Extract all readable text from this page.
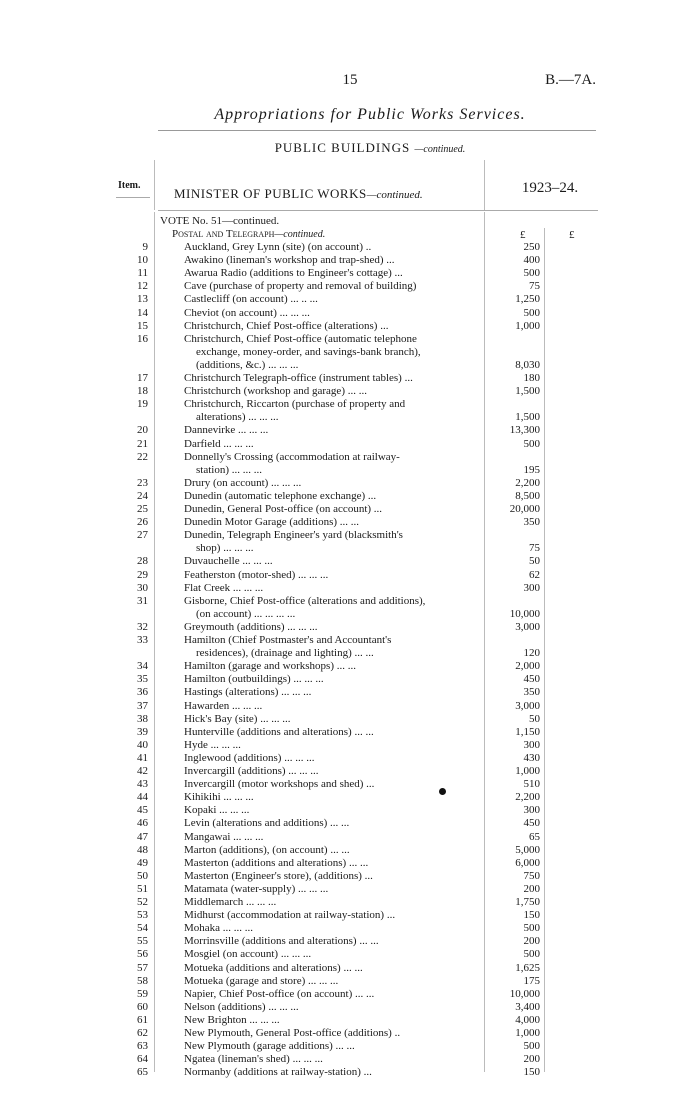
15	B.—7A.
Appropriations for Public Works Services.
PUBLIC BUILDINGS —continued.
Item.
MINISTER OF PUBLIC WORKS—continued.	1923–24.
VOTE No. 51—continued.
Postal and Telegraph—continued.	£	£
9	Auckland, Grey Lynn (site) (on account) ..	250
10	Awakino (lineman's workshop and trap-shed) ...	400
11	Awarua Radio (additions to Engineer's cottage) ...	500
12	Cave (purchase of property and removal of building)	75
13	Castlecliff (on account) ... .. ...	1,250
14	Cheviot (on account) ... ... ...	500
15	Christchurch, Chief Post-office (alterations) ...	1,000
16	Christchurch, Chief Post-office (automatic telephone
exchange, money-order, and savings-bank branch),
(additions, &c.) ... ... ...	8,030
17	Christchurch Telegraph-office (instrument tables) ...	180
18	Christchurch (workshop and garage) ... ...	1,500
19	Christchurch, Riccarton (purchase of property and
alterations) ... ... ...	1,500
20	Dannevirke ... ... ...	13,300
21	Darfield ... ... ...	500
22	Donnelly's Crossing (accommodation at railway-
station) ... ... ...	195
23	Drury (on account) ... ... ...	2,200
24	Dunedin (automatic telephone exchange) ...	8,500
25	Dunedin, General Post-office (on account) ...	20,000
26	Dunedin Motor Garage (additions) ... ...	350
27	Dunedin, Telegraph Engineer's yard (blacksmith's
shop) ... ... ...	75
28	Duvauchelle ... ... ...	50
29	Featherston (motor-shed) ... ... ...	62
30	Flat Creek ... ... ...	300
31	Gisborne, Chief Post-office (alterations and additions),
(on account) ... ... ... ...	10,000
32	Greymouth (additions) ... ... ...	3,000
33	Hamilton (Chief Postmaster's and Accountant's
residences), (drainage and lighting) ... ...	120
34	Hamilton (garage and workshops) ... ...	2,000
35	Hamilton (outbuildings) ... ... ...	450
36	Hastings (alterations) ... ... ...	350
37	Hawarden ... ... ...	3,000
38	Hick's Bay (site) ... ... ...	50
39	Hunterville (additions and alterations) ... ...	1,150
40	Hyde ... ... ...	300
41	Inglewood (additions) ... ... ...	430
42	Invercargill (additions) ... ... ...	1,000
43	Invercargill (motor workshops and shed) ...	510
44	Kihikihi ... ... ...	2,200
45	Kopaki ... ... ...	300
46	Levin (alterations and additions) ... ...	450
47	Mangawai ... ... ...	65
48	Marton (additions), (on account) ... ...	5,000
49	Masterton (additions and alterations) ... ...	6,000
50	Masterton (Engineer's store), (additions) ...	750
51	Matamata (water-supply) ... ... ...	200
52	Middlemarch ... ... ...	1,750
53	Midhurst (accommodation at railway-station) ...	150
54	Mohaka ... ... ...	500
55	Morrinsville (additions and alterations) ... ...	200
56	Mosgiel (on account) ... ... ...	500
57	Motueka (additions and alterations) ... ...	1,625
58	Motueka (garage and store) ... ... ...	175
59	Napier, Chief Post-office (on account) ... ...	10,000
60	Nelson (additions) ... ... ...	3,400
61	New Brighton ... ... ...	4,000
62	New Plymouth, General Post-office (additions) ..	1,000
63	New Plymouth (garage additions) ... ...	500
64	Ngatea (lineman's shed) ... ... ...	200
65	Normanby (additions at railway-station) ...	150
